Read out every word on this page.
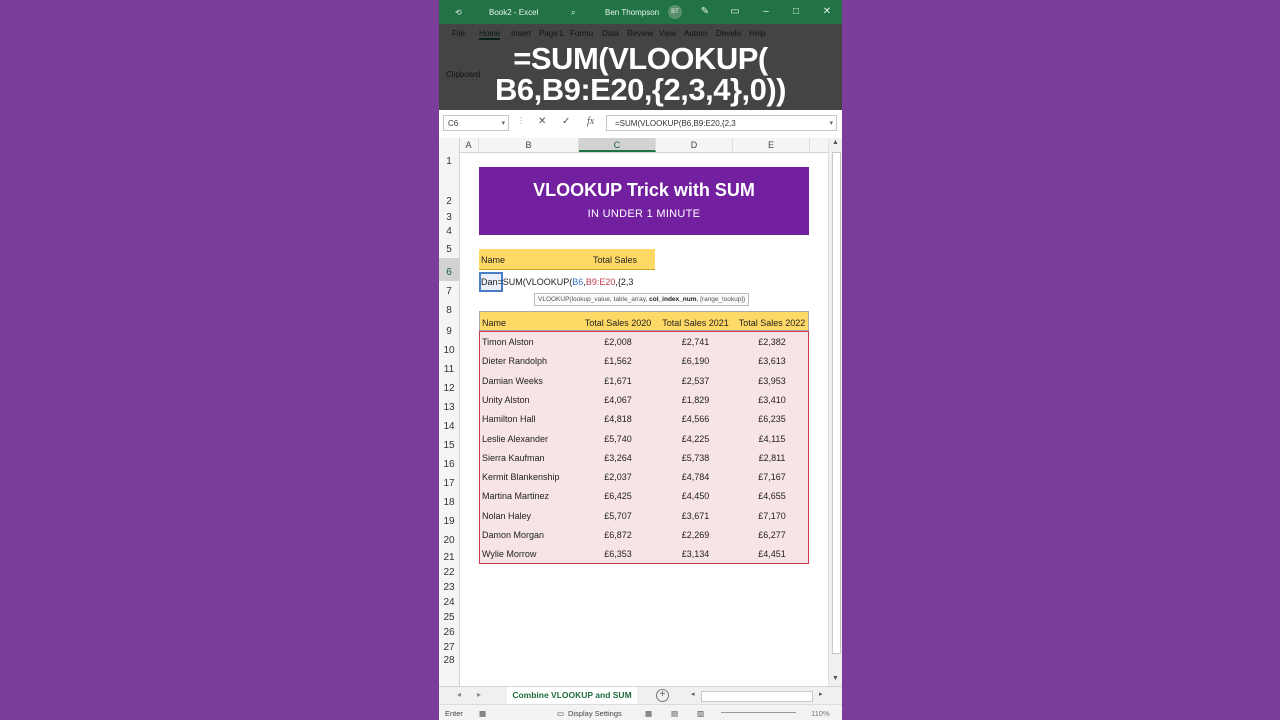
⟲	Book2 - Excel	⌕	Ben Thompson	BT	✎ ▭	–	□	✕
=SUM(VLOOKUP(
B6,B9:E20,{2,3,4},0))
C6	▾ ⋮ ✕ ✓ fx	=SUM(VLOOKUP(B6,B9:E20,{2,3	▾
A	B	C	D	E
1
2
3
4
5
6
7
8
9
10
11
12
13
14
15
16
17
18
19
20
21
22
23
24
25
26
27
28
VLOOKUP Trick with SUM
IN UNDER 1 MINUTE
Name	Total Sales
Dan=SUM(VLOOKUP(B6,B9:E20,{2,3
VLOOKUP(lookup_value, table_array, col_index_num, [range_lookup])
Name	Total Sales 2020	Total Sales 2021	Total Sales 2022
Timon Alston	£2,008	£2,741	£2,382
Dieter Randolph	£1,562	£6,190	£3,613
Damian Weeks	£1,671	£2,537	£3,953
Unity Alston	£4,067	£1,829	£3,410
Hamilton Hall	£4,818	£4,566	£6,235
Leslie Alexander	£5,740	£4,225	£4,115
Sierra Kaufman	£3,264	£5,738	£2,811
Kermit Blankenship	£2,037	£4,784	£7,167
Martina Martinez	£6,425	£4,450	£4,655
Nolan Haley	£5,707	£3,671	£7,170
Damon Morgan	£6,872	£2,269	£6,277
Wylie Morrow	£6,353	£3,134	£4,451
▲
▼
◂ ▸	Combine VLOOKUP and SUM	+	◂	▸
Enter ▦	▭ Display Settings	▦	▤	▥	110%
